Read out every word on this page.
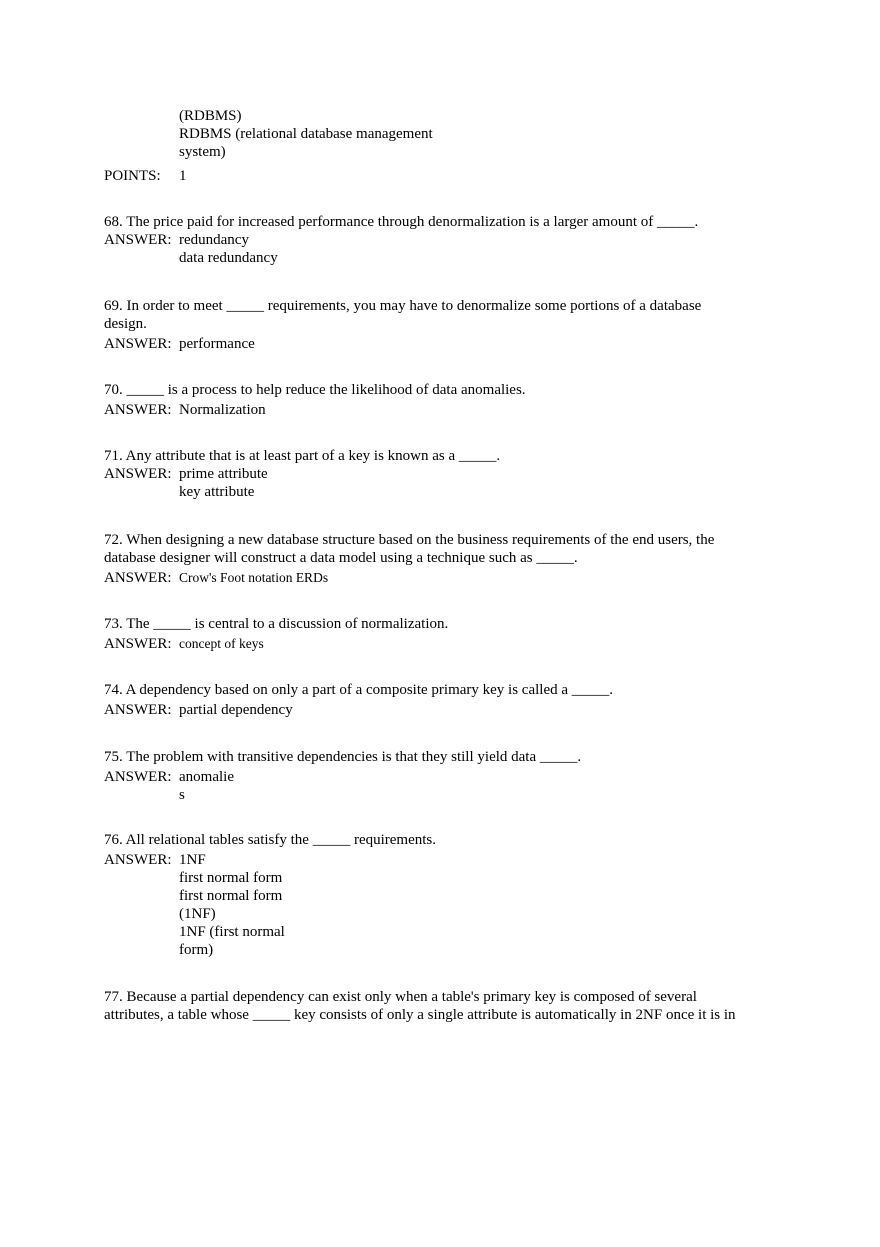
(RDBMS)
RDBMS (relational database management
system)
POINTS:	1
68. The price paid for increased performance through denormalization is a larger amount of _____.
ANSWER: redundancy
data redundancy
69. In order to meet _____ requirements, you may have to denormalize some portions of a database
design.
ANSWER: performance
70. _____ is a process to help reduce the likelihood of data anomalies.
ANSWER: Normalization
71. Any attribute that is at least part of a key is known as a _____.
ANSWER: prime attribute
key attribute
72. When designing a new database structure based on the business requirements of the end users, the
database designer will construct a data model using a technique such as _____.
ANSWER: Crow's Foot notation ERDs
73. The _____ is central to a discussion of normalization.
ANSWER: concept of keys
74. A dependency based on only a part of a composite primary key is called a _____.
ANSWER: partial dependency
75. The problem with transitive dependencies is that they still yield data _____.
ANSWER: anomalie
s
76. All relational tables satisfy the _____ requirements.
ANSWER: 1NF
first normal form
first normal form
(1NF)
1NF (first normal
form)
77. Because a partial dependency can exist only when a table's primary key is composed of several
attributes, a table whose _____ key consists of only a single attribute is automatically in 2NF once it is in
